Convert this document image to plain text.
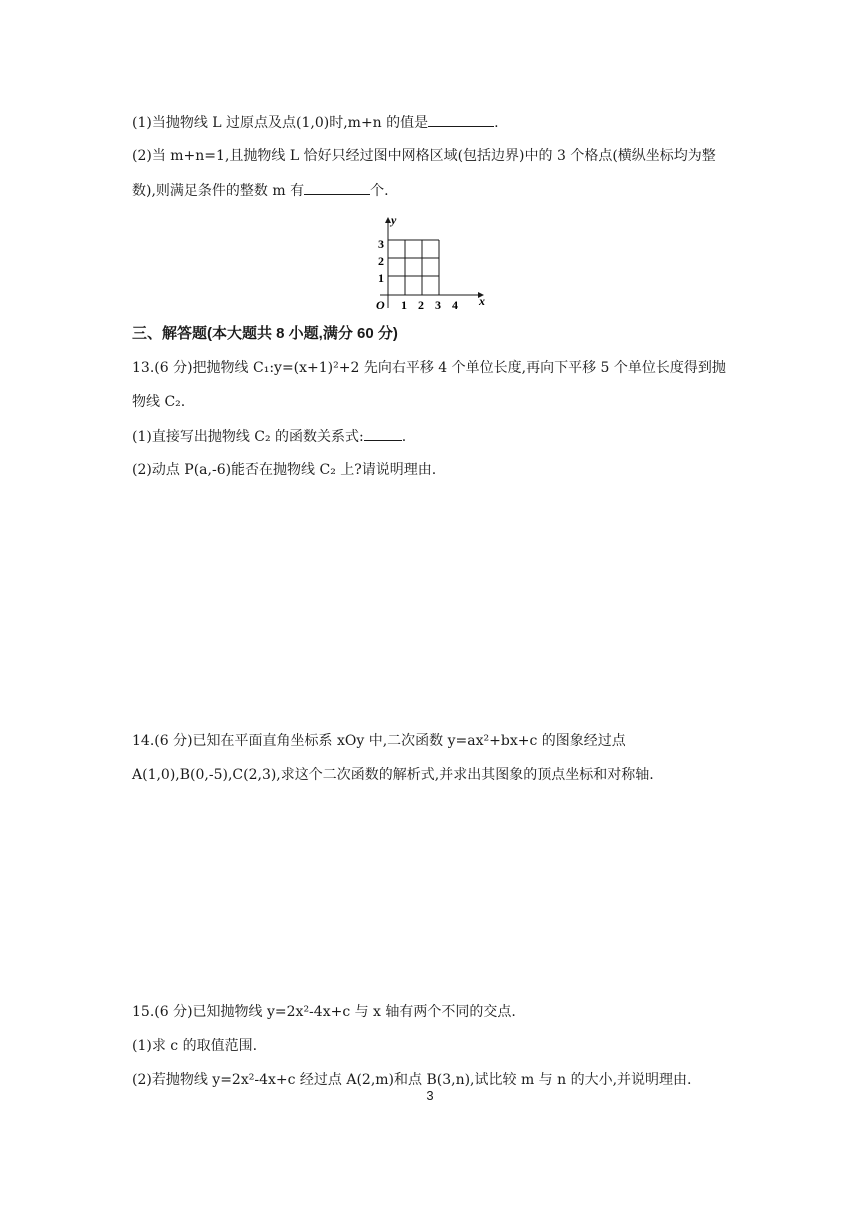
(1)当抛物线 L 过原点及点(1,0)时,m+n 的值是	.
(2)当 m+n=1,且抛物线 L 恰好只经过图中网格区域(包括边界)中的 3 个格点(横纵坐标均为整
数),则满足条件的整数 m 有	个.
y
x
O
3
2
1
1 2 3 4
三、解答题(本大题共 8 小题,满分 60 分)
13.(6 分)把抛物线 C₁:y=(x+1)²+2 先向右平移 4 个单位长度,再向下平移 5 个单位长度得到抛
物线 C₂.
(1)直接写出抛物线 C₂ 的函数关系式:	.
(2)动点 P(a,-6)能否在抛物线 C₂ 上?请说明理由.
14.(6 分)已知在平面直角坐标系 xOy 中,二次函数 y=ax²+bx+c 的图象经过点
A(1,0),B(0,-5),C(2,3),求这个二次函数的解析式,并求出其图象的顶点坐标和对称轴.
15.(6 分)已知抛物线 y=2x²-4x+c 与 x 轴有两个不同的交点.
(1)求 c 的取值范围.
(2)若抛物线 y=2x²-4x+c 经过点 A(2,m)和点 B(3,n),试比较 m 与 n 的大小,并说明理由.
3
